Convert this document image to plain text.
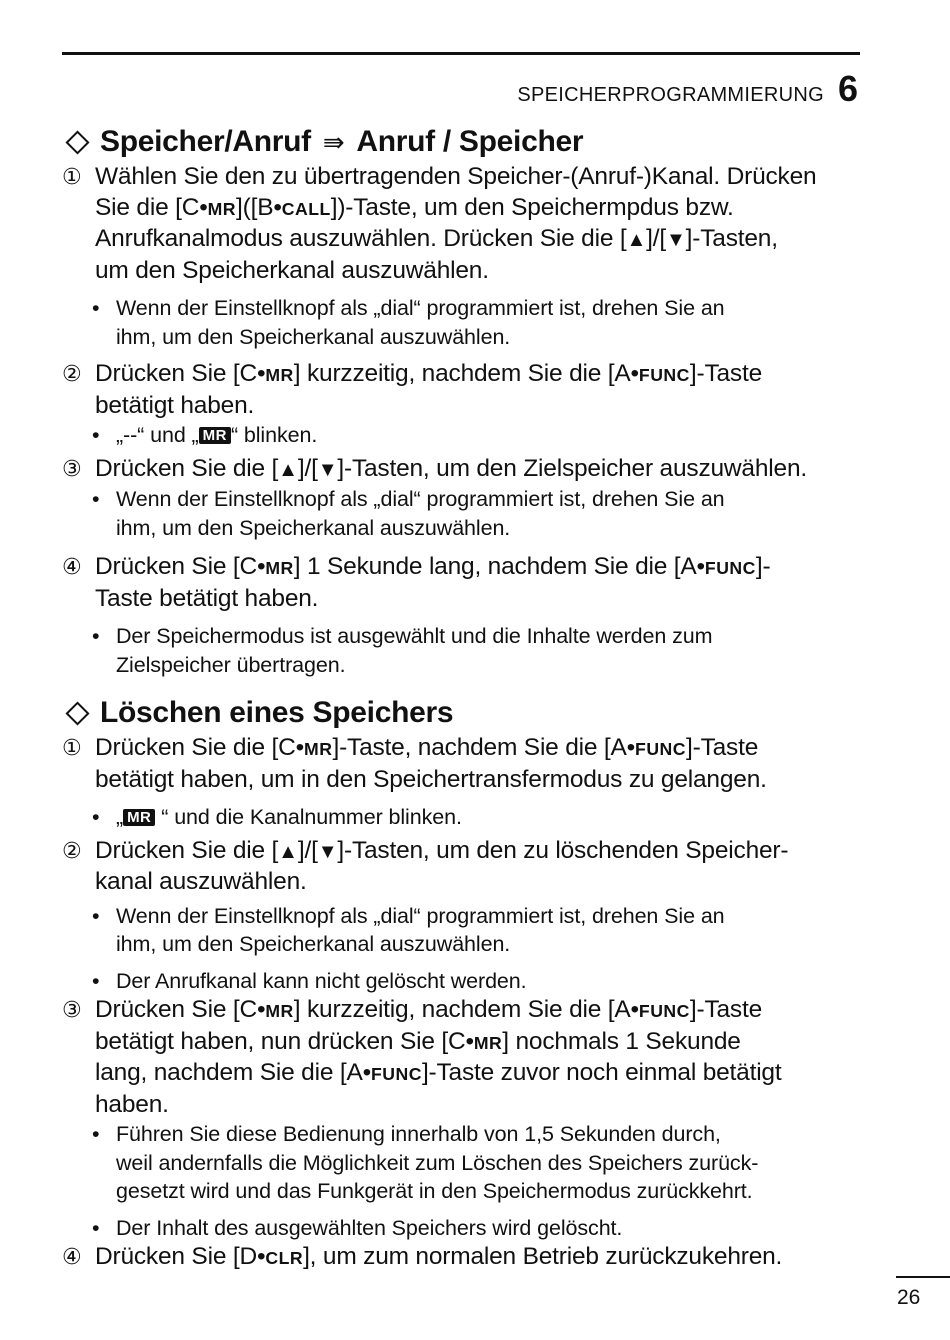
SPEICHERPROGRAMMIERUNG 6
Speicher/Anruf ⇛ Anruf / Speicher
① Wählen Sie den zu übertragenden Speicher-(Anruf-)Kanal. Drücken
Sie die [C•MR]([B•CALL])-Taste, um den Speichermpdus bzw.
Anrufkanalmodus auszuwählen. Drücken Sie die [▲]/[▼]-Tasten,
um den Speicherkanal auszuwählen.
• Wenn der Einstellknopf als „dial“ programmiert ist, drehen Sie an
ihm, um den Speicherkanal auszuwählen.
② Drücken Sie [C•MR] kurzzeitig, nachdem Sie die [A•FUNC]-Taste
betätigt haben.
• „--“ und „ MR “ blinken.
③ Drücken Sie die [▲]/[▼]-Tasten, um den Zielspeicher auszuwählen.
• Wenn der Einstellknopf als „dial“ programmiert ist, drehen Sie an
ihm, um den Speicherkanal auszuwählen.
④ Drücken Sie [C•MR] 1 Sekunde lang, nachdem Sie die [A•FUNC]-
Taste betätigt haben.
• Der Speichermodus ist ausgewählt und die Inhalte werden zum
Zielspeicher übertragen.
Löschen eines Speichers
① Drücken Sie die [C•MR]-Taste, nachdem Sie die [A•FUNC]-Taste
betätigt haben, um in den Speichertransfermodus zu gelangen.
• „ MR “ und die Kanalnummer blinken.
② Drücken Sie die [▲]/[▼]-Tasten, um den zu löschenden Speicher-
kanal auszuwählen.
• Wenn der Einstellknopf als „dial“ programmiert ist, drehen Sie an
ihm, um den Speicherkanal auszuwählen.
• Der Anrufkanal kann nicht gelöscht werden.
③ Drücken Sie [C•MR] kurzzeitig, nachdem Sie die [A•FUNC]-Taste
betätigt haben, nun drücken Sie [C•MR] nochmals 1 Sekunde
lang, nachdem Sie die [A•FUNC]-Taste zuvor noch einmal betätigt
haben.
• Führen Sie diese Bedienung innerhalb von 1,5 Sekunden durch,
weil andernfalls die Möglichkeit zum Löschen des Speichers zurück-
gesetzt wird und das Funkgerät in den Speichermodus zurückkehrt.
• Der Inhalt des ausgewählten Speichers wird gelöscht.
④ Drücken Sie [D•CLR], um zum normalen Betrieb zurückzukehren.
26
